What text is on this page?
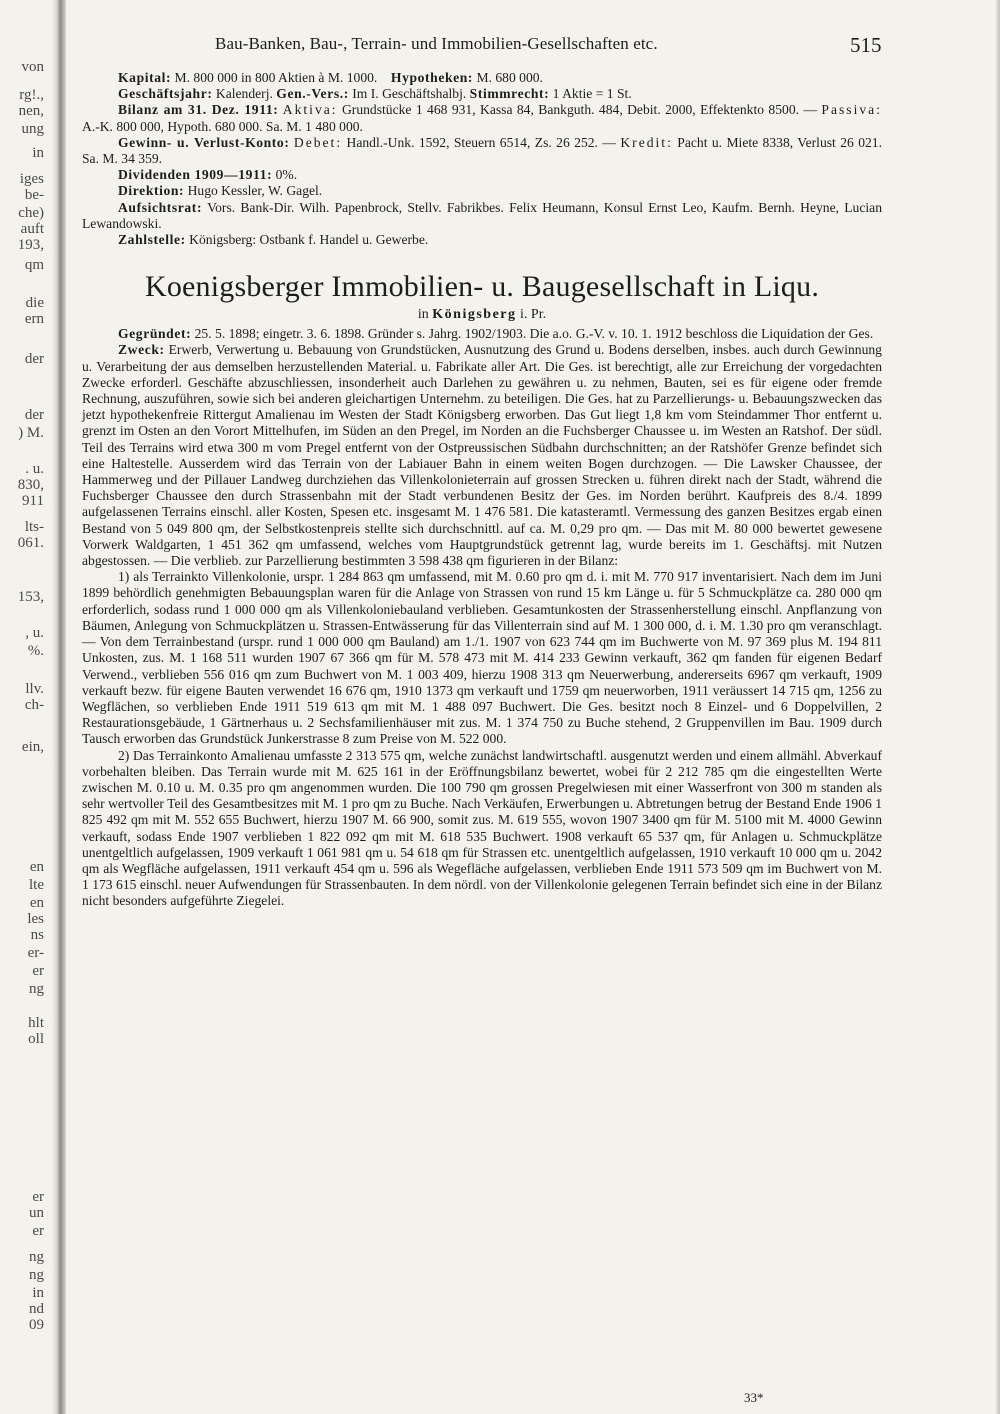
von
rg!.,
nen,
ung
in
iges
be-
che)
auft
193,
qm
die
ern
der
der
) M.
. u.
830,
911
lts-
061.
153,
, u.
%.
llv.
ch-
ein,
en
lte
en
les
ns
er-
er
ng
hlt
oll
er
un
er
ng
ng
in
nd
09
Bau-Banken, Bau-, Terrain- und Immobilien-Gesellschaften etc.	515

Kapital: M. 800 000 in 800 Aktien à M. 1000. Hypotheken: M. 680 000.

Geschäftsjahr: Kalenderj. Gen.-Vers.: Im I. Geschäftshalbj. Stimmrecht: 1 Aktie = 1 St.

Bilanz am 31. Dez. 1911: Aktiva: Grundstücke 1 468 931, Kassa 84, Bankguth. 484, Debit. 2000, Effektenkto 8500. — Passiva: A.-K. 800 000, Hypoth. 680 000. Sa. M. 1 480 000.

Gewinn- u. Verlust-Konto: Debet: Handl.-Unk. 1592, Steuern 6514, Zs. 26 252. — Kredit: Pacht u. Miete 8338, Verlust 26 021. Sa. M. 34 359.

Dividenden 1909—1911: 0%.

Direktion: Hugo Kessler, W. Gagel.

Aufsichtsrat: Vors. Bank-Dir. Wilh. Papenbrock, Stellv. Fabrikbes. Felix Heumann, Konsul Ernst Leo, Kaufm. Bernh. Heyne, Lucian Lewandowski.

Zahlstelle: Königsberg: Ostbank f. Handel u. Gewerbe.

Koenigsberger Immobilien- u. Baugesellschaft in Liqu.
in Königsberg i. Pr.

Gegründet: 25. 5. 1898; eingetr. 3. 6. 1898. Gründer s. Jahrg. 1902/1903. Die a.o. G.-V. v. 10. 1. 1912 beschloss die Liquidation der Ges.

Zweck: Erwerb, Verwertung u. Bebauung von Grundstücken, Ausnutzung des Grund u. Bodens derselben, insbes. auch durch Gewinnung u. Verarbeitung der aus demselben herzustellenden Material. u. Fabrikate aller Art. Die Ges. ist berechtigt, alle zur Erreichung der vorgedachten Zwecke erforderl. Geschäfte abzuschliessen, insonderheit auch Darlehen zu gewähren u. zu nehmen, Bauten, sei es für eigene oder fremde Rechnung, auszuführen, sowie sich bei anderen gleichartigen Unternehm. zu beteiligen. Die Ges. hat zu Parzellierungs- u. Bebauungszwecken das jetzt hypothekenfreie Rittergut Amalienau im Westen der Stadt Königsberg erworben. Das Gut liegt 1,8 km vom Steindammer Thor entfernt u. grenzt im Osten an den Vorort Mittelhufen, im Süden an den Pregel, im Norden an die Fuchsberger Chaussee u. im Westen an Ratshof. Der südl. Teil des Terrains wird etwa 300 m vom Pregel entfernt von der Ostpreussischen Südbahn durchschnitten; an der Ratshöfer Grenze befindet sich eine Haltestelle. Ausserdem wird das Terrain von der Labiauer Bahn in einem weiten Bogen durchzogen. — Die Lawsker Chaussee, der Hammerweg und der Pillauer Landweg durchziehen das Villenkolonieterrain auf grossen Strecken u. führen direkt nach der Stadt, während die Fuchsberger Chaussee den durch Strassenbahn mit der Stadt verbundenen Besitz der Ges. im Norden berührt. Kaufpreis des 8./4. 1899 aufgelassenen Terrains einschl. aller Kosten, Spesen etc. insgesamt M. 1 476 581. Die katasteramtl. Vermessung des ganzen Besitzes ergab einen Bestand von 5 049 800 qm, der Selbstkostenpreis stellte sich durchschnittl. auf ca. M. 0,29 pro qm. — Das mit M. 80 000 bewertet gewesene Vorwerk Waldgarten, 1 451 362 qm umfassend, welches vom Hauptgrundstück getrennt lag, wurde bereits im 1. Geschäftsj. mit Nutzen abgestossen. — Die verblieb. zur Parzellierung bestimmten 3 598 438 qm figurieren in der Bilanz:

1) als Terrainkto Villenkolonie, urspr. 1 284 863 qm umfassend, mit M. 0.60 pro qm d. i. mit M. 770 917 inventarisiert. Nach dem im Juni 1899 behördlich genehmigten Bebauungsplan waren für die Anlage von Strassen von rund 15 km Länge u. für 5 Schmuckplätze ca. 280 000 qm erforderlich, sodass rund 1 000 000 qm als Villenkoloniebauland verblieben. Gesamtunkosten der Strassenherstellung einschl. Anpflanzung von Bäumen, Anlegung von Schmuckplätzen u. Strassen-Entwässerung für das Villenterrain sind auf M. 1 300 000, d. i. M. 1.30 pro qm veranschlagt. — Von dem Terrainbestand (urspr. rund 1 000 000 qm Bauland) am 1./1. 1907 von 623 744 qm im Buchwerte von M. 97 369 plus M. 194 811 Unkosten, zus. M. 1 168 511 wurden 1907 67 366 qm für M. 578 473 mit M. 414 233 Gewinn verkauft, 362 qm fanden für eigenen Bedarf Verwend., verblieben 556 016 qm zum Buchwert von M. 1 003 409, hierzu 1908 313 qm Neuerwerbung, andererseits 6967 qm verkauft, 1909 verkauft bezw. für eigene Bauten verwendet 16 676 qm, 1910 1373 qm verkauft und 1759 qm neuerworben, 1911 veräussert 14 715 qm, 1256 zu Wegflächen, so verblieben Ende 1911 519 613 qm mit M. 1 488 097 Buchwert. Die Ges. besitzt noch 8 Einzel- und 6 Doppelvillen, 2 Restaurationsgebäude, 1 Gärtnerhaus u. 2 Sechsfamilienhäuser mit zus. M. 1 374 750 zu Buche stehend, 2 Gruppenvillen im Bau. 1909 durch Tausch erworben das Grundstück Junkerstrasse 8 zum Preise von M. 522 000.

2) Das Terrainkonto Amalienau umfasste 2 313 575 qm, welche zunächst landwirtschaftl. ausgenutzt werden und einem allmähl. Abverkauf vorbehalten bleiben. Das Terrain wurde mit M. 625 161 in der Eröffnungsbilanz bewertet, wobei für 2 212 785 qm die eingestellten Werte zwischen M. 0.10 u. M. 0.35 pro qm angenommen wurden. Die 100 790 qm grossen Pregelwiesen mit einer Wasserfront von 300 m standen als sehr wertvoller Teil des Gesamtbesitzes mit M. 1 pro qm zu Buche. Nach Verkäufen, Erwerbungen u. Abtretungen betrug der Bestand Ende 1906 1 825 492 qm mit M. 552 655 Buchwert, hierzu 1907 M. 66 900, somit zus. M. 619 555, wovon 1907 3400 qm für M. 5100 mit M. 4000 Gewinn verkauft, sodass Ende 1907 verblieben 1 822 092 qm mit M. 618 535 Buchwert. 1908 verkauft 65 537 qm, für Anlagen u. Schmuckplätze unentgeltlich aufgelassen, 1909 verkauft 1 061 981 qm u. 54 618 qm für Strassen etc. unentgeltlich aufgelassen, 1910 verkauft 10 000 qm u. 2042 qm als Wegfläche aufgelassen, 1911 verkauft 454 qm u. 596 als Wegefläche aufgelassen, verblieben Ende 1911 573 509 qm im Buchwert von M. 1 173 615 einschl. neuer Aufwendungen für Strassenbauten. In dem nördl. von der Villenkolonie gelegenen Terrain befindet sich eine in der Bilanz nicht besonders aufgeführte Ziegelei.

33*
